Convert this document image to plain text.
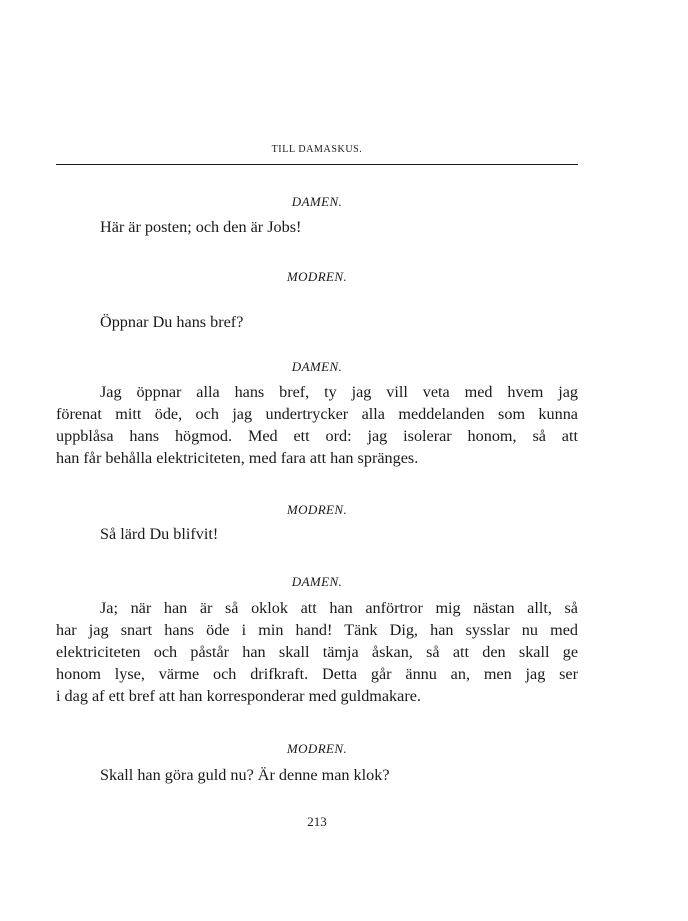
TILL DAMASKUS.
DAMEN.
Här är posten; och den är Jobs!
MODREN.
Öppnar Du hans bref?
DAMEN.
Jag öppnar alla hans bref, ty jag vill veta med hvem jag
förenat mitt öde, och jag undertrycker alla meddelanden som kunna
uppblåsa hans högmod. Med ett ord: jag isolerar honom, så att
han får behålla elektriciteten, med fara att han spränges.
MODREN.
Så lärd Du blifvit!
DAMEN.
Ja; när han är så oklok att han anförtror mig nästan allt, så
har jag snart hans öde i min hand! Tänk Dig, han sysslar nu med
elektriciteten och påstår han skall tämja åskan, så att den skall ge
honom lyse, värme och drifkraft. Detta går ännu an, men jag ser
i dag af ett bref att han korresponderar med guldmakare.
MODREN.
Skall han göra guld nu? Är denne man klok?
213
